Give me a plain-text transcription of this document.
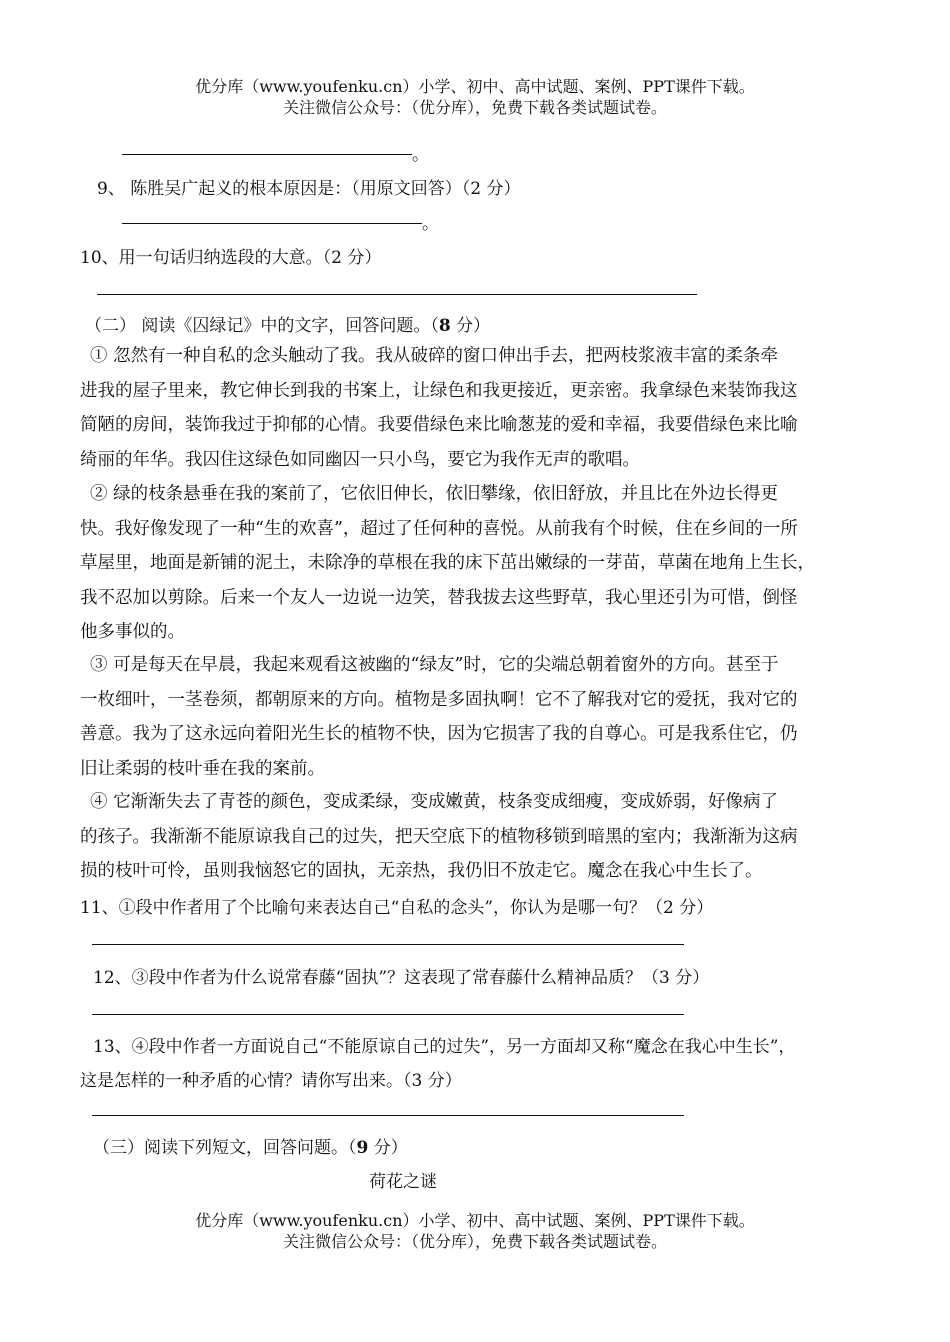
优分库（www.youfenku.cn）小学、初中、高中试题、案例、PPT课件下载。
关注微信公众号：（优分库），免费下载各类试题试卷。
。
9、 陈胜吴广起义的根本原因是：（用原文回答）（2 分）
。
10、用一句话归纳选段的大意。（2 分）
（二） 阅读《囚绿记》中的文字，回答问题。（8 分）
① 忽然有一种自私的念头触动了我。我从破碎的窗口伸出手去，把两枝浆液丰富的柔条牵
进我的屋子里来，教它伸长到我的书案上，让绿色和我更接近，更亲密。我拿绿色来装饰我这
简陋的房间，装饰我过于抑郁的心情。我要借绿色来比喻葱茏的爱和幸福，我要借绿色来比喻
绮丽的年华。我囚住这绿色如同幽囚一只小鸟，要它为我作无声的歌唱。
② 绿的枝条悬垂在我的案前了，它依旧伸长，依旧攀缘，依旧舒放，并且比在外边长得更
快。我好像发现了一种“生的欢喜”，超过了任何种的喜悦。从前我有个时候，住在乡间的一所
草屋里，地面是新铺的泥土，未除净的草根在我的床下茁出嫩绿的一芽苗，草菌在地角上生长，
我不忍加以剪除。后来一个友人一边说一边笑，替我拔去这些野草，我心里还引为可惜，倒怪
他多事似的。
③ 可是每天在早晨，我起来观看这被幽的“绿友”时，它的尖端总朝着窗外的方向。甚至于
一枚细叶，一茎卷须，都朝原来的方向。植物是多固执啊！它不了解我对它的爱抚，我对它的
善意。我为了这永远向着阳光生长的植物不快，因为它损害了我的自尊心。可是我系住它，仍
旧让柔弱的枝叶垂在我的案前。
④ 它渐渐失去了青苍的颜色，变成柔绿，变成嫩黄，枝条变成细瘦，变成娇弱，好像病了
的孩子。我渐渐不能原谅我自己的过失，把天空底下的植物移锁到暗黑的室内；我渐渐为这病
损的枝叶可怜，虽则我恼怒它的固执，无亲热，我仍旧不放走它。魔念在我心中生长了。
11、①段中作者用了个比喻句来表达自己“自私的念头”，你认为是哪一句？（2 分）
12、③段中作者为什么说常春藤“固执”？这表现了常春藤什么精神品质？（3 分）
13、④段中作者一方面说自己“不能原谅自己的过失”，另一方面却又称“魔念在我心中生长”，
这是怎样的一种矛盾的心情？请你写出来。（3 分）
（三）阅读下列短文，回答问题。（9 分）
荷花之谜
优分库（www.youfenku.cn）小学、初中、高中试题、案例、PPT课件下载。
关注微信公众号：（优分库），免费下载各类试题试卷。
